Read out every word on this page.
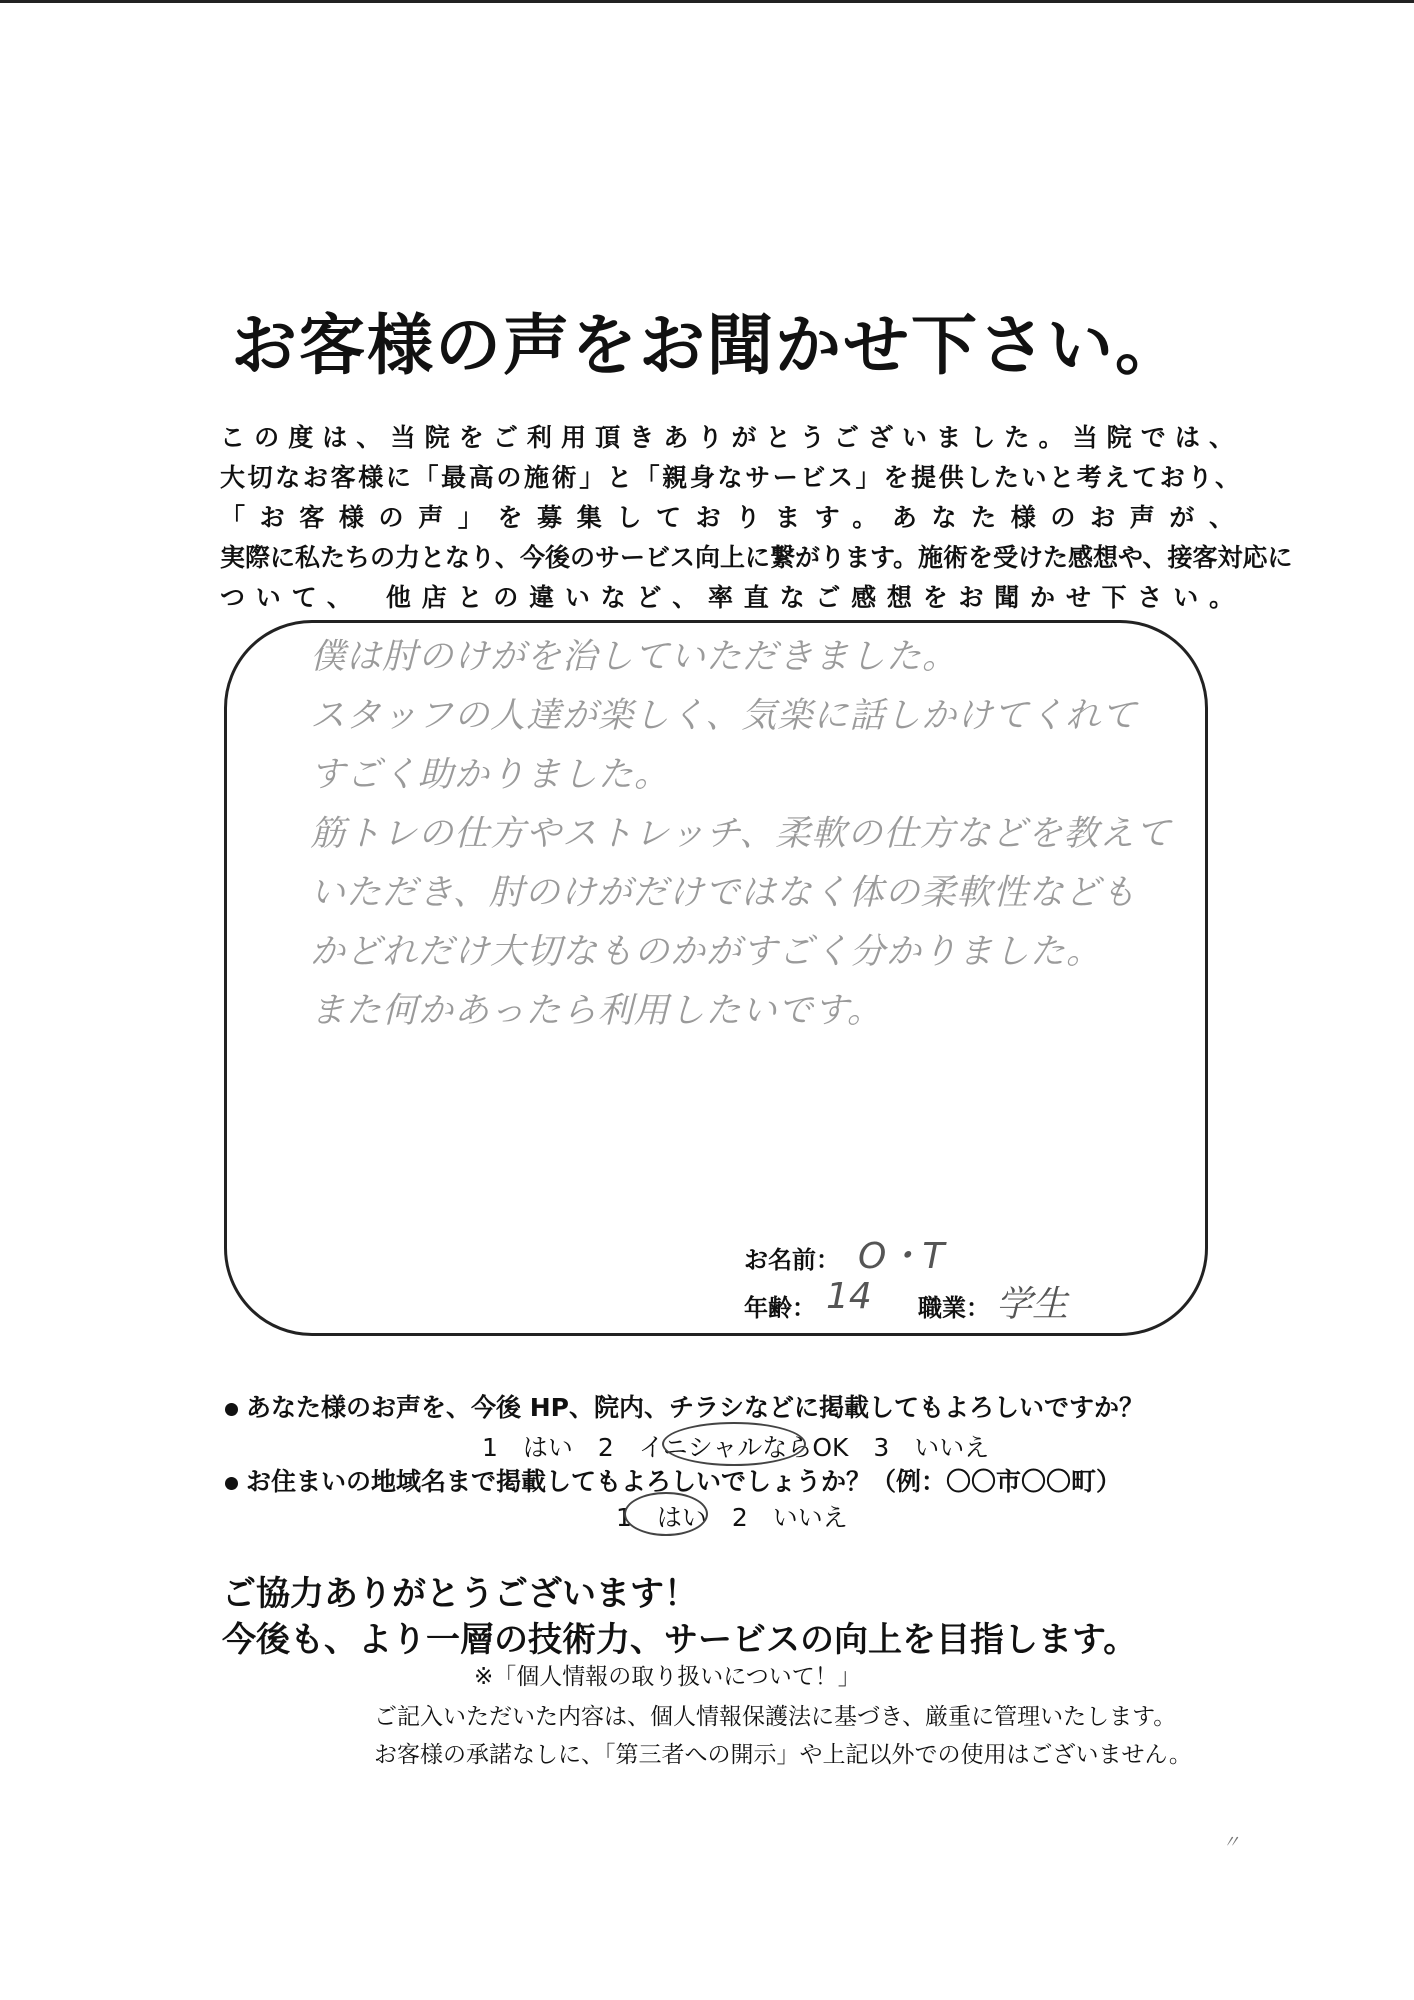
お客様の声をお聞かせ下さい。
この度は、当院をご利用頂きありがとうございました。当院では、
大切なお客様に「最高の施術」と「親身なサービス」を提供したいと考えており、
「お客様の声」を募集しております。あなた様のお声が、
実際に私たちの力となり、今後のサービス向上に繋がります。施術を受けた感想や、接客対応に
ついて、　他店との違いなど、率直なご感想をお聞かせ下さい。
僕は肘のけがを治していただきました。
スタッフの人達が楽しく、気楽に話しかけてくれて
すごく助かりました。
筋トレの仕方やストレッチ、柔軟の仕方などを教えて
いただき、肘のけがだけではなく体の柔軟性なども
かどれだけ大切なものかがすごく分かりました。
また何かあったら利用したいです。
お名前： O・T
年齢： 14 職業： 学生
あなた様のお声を、今後 HP、院内、チラシなどに掲載してもよろしいですか？
1　はい　2　イニシャルならOK　3　いいえ
お住まいの地域名まで掲載してもよろしいでしょうか？（例：〇〇市〇〇町）
1　はい　2　いいえ
ご協力ありがとうございます！
今後も、より一層の技術力、サービスの向上を目指します。
※「個人情報の取り扱いについて！」
ご記入いただいた内容は、個人情報保護法に基づき、厳重に管理いたします。
お客様の承諾なしに、「第三者への開示」や上記以外での使用はございません。
〃
